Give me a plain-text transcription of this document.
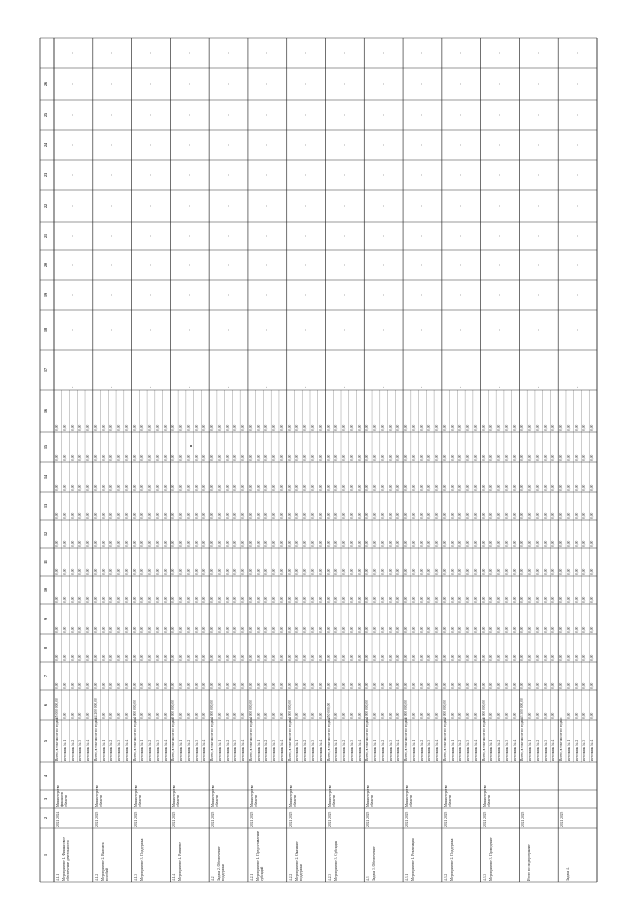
1
2
3
4
5
6
7
8
9
10
11
12
13
14
15
16
17
18
19
20
21
22
23
24
25
26
4.1.1 Мероприятие 1. Финансовое обеспечение деятельности
2021 2024
Министерство финансов области
Всего, в том числе по годам:
15 000 000,00
0,00
0,00
0,00
0,00
0,00
0,00
0,00
0,00
0,00
0,00
источник № 1
0,00
0,00
0,00
0,00
0,00
0,00
0,00
0,00
0,00
0,00
0,00
источник № 2
0,00
0,00
0,00
0,00
0,00
0,00
0,00
0,00
0,00
0,00
0,00
источник № 3
0,00
0,00
0,00
0,00
0,00
0,00
0,00
0,00
0,00
0,00
0,00
источник № 4
0,00
0,00
0,00
0,00
0,00
0,00
0,00
0,00
0,00
0,00
0,00
-
-
-
-
-
-
-
-
-
-
-
4.1.2 Мероприятие 2. Выплата пособий
2021 2025
Министерство области
Всего, в том числе по годам:
14 200 000,00
0,00
0,00
0,00
0,00
0,00
0,00
0,00
0,00
0,00
0,00
источник № 1
0,00
0,00
0,00
0,00
0,00
0,00
0,00
0,00
0,00
0,00
0,00
источник № 2
0,00
0,00
0,00
0,00
0,00
0,00
0,00
0,00
0,00
0,00
0,00
источник № 3
0,00
0,00
0,00
0,00
0,00
0,00
0,00
0,00
0,00
0,00
0,00
источник № 4
0,00
0,00
0,00
0,00
0,00
0,00
0,00
0,00
0,00
0,00
0,00
-
-
-
-
-
-
-
-
-
-
-
4.1.3 Мероприятие 3. Поддержка
2021 2025
Министерство области
Всего, в том числе по годам:
4 000 000,00
0,00
0,00
0,00
0,00
0,00
0,00
0,00
0,00
0,00
0,00
источник № 1
0,00
0,00
0,00
0,00
0,00
0,00
0,00
0,00
0,00
0,00
0,00
источник № 2
0,00
0,00
0,00
0,00
0,00
0,00
0,00
0,00
0,00
0,00
0,00
источник № 3
0,00
0,00
0,00
0,00
0,00
0,00
0,00
0,00
0,00
0,00
0,00
источник № 4
0,00
0,00
0,00
0,00
0,00
0,00
0,00
0,00
0,00
0,00
0,00
-
-
-
-
-
-
-
-
-
-
-
4.1.4 Мероприятие 4. Развитие
2021 2025
Министерство области
Всего, в том числе по годам:
8 000 000,00
0,00
0,00
0,00
0,00
0,00
0,00
0,00
0,00
0,00
0,00
источник № 1
0,00
0,00
0,00
0,00
0,00
0,00
0,00
0,00
0,00
0,00
0,00
источник № 2
0,00
0,00
0,00
0,00
0,00
0,00
0,00
0,00
0,00
0,00
0,00
источник № 3
0,00
0,00
0,00
0,00
0,00
0,00
0,00
0,00
0,00
0,00
0,00
источник № 4
0,00
0,00
0,00
0,00
0,00
0,00
0,00
0,00
0,00
0,00
0,00
-
-
-
-
-
-
-
-
-
-
-
4.2 Задача 2. Обеспечение поддержки
2021 2025
Министерство области
Всего, в том числе по годам:
4 000 000,00
0,00
0,00
0,00
0,00
0,00
0,00
0,00
0,00
0,00
0,00
источник № 1
0,00
0,00
0,00
0,00
0,00
0,00
0,00
0,00
0,00
0,00
0,00
источник № 2
0,00
0,00
0,00
0,00
0,00
0,00
0,00
0,00
0,00
0,00
0,00
источник № 3
0,00
0,00
0,00
0,00
0,00
0,00
0,00
0,00
0,00
0,00
0,00
источник № 4
0,00
0,00
0,00
0,00
0,00
0,00
0,00
0,00
0,00
0,00
0,00
-
-
-
-
-
-
-
-
-
-
-
4.2.1 Мероприятие 1. Предоставление субсидий
2021 2025
Министерство области
Всего, в том числе по годам:
4 000 000,00
0,00
0,00
0,00
0,00
0,00
0,00
0,00
0,00
0,00
0,00
источник № 1
0,00
0,00
0,00
0,00
0,00
0,00
0,00
0,00
0,00
0,00
0,00
источник № 2
0,00
0,00
0,00
0,00
0,00
0,00
0,00
0,00
0,00
0,00
0,00
источник № 3
0,00
0,00
0,00
0,00
0,00
0,00
0,00
0,00
0,00
0,00
0,00
источник № 4
0,00
0,00
0,00
0,00
0,00
0,00
0,00
0,00
0,00
0,00
0,00
-
-
-
-
-
-
-
-
-
-
-
4.2.2 Мероприятие 2. Оказание поддержки
2021 2025
Министерство области
Всего, в том числе по годам:
4 000 000,00
0,00
0,00
0,00
0,00
0,00
0,00
0,00
0,00
0,00
0,00
источник № 1
0,00
0,00
0,00
0,00
0,00
0,00
0,00
0,00
0,00
0,00
0,00
источник № 2
0,00
0,00
0,00
0,00
0,00
0,00
0,00
0,00
0,00
0,00
0,00
источник № 3
0,00
0,00
0,00
0,00
0,00
0,00
0,00
0,00
0,00
0,00
0,00
источник № 4
0,00
0,00
0,00
0,00
0,00
0,00
0,00
0,00
0,00
0,00
0,00
-
-
-
-
-
-
-
-
-
-
-
4.2.3 Мероприятие 3. Субсидия
2021 2025
Министерство области
Всего, в том числе по годам:
250 000,00
0,00
0,00
0,00
0,00
0,00
0,00
0,00
0,00
0,00
0,00
источник № 1
0,00
0,00
0,00
0,00
0,00
0,00
0,00
0,00
0,00
0,00
0,00
источник № 2
0,00
0,00
0,00
0,00
0,00
0,00
0,00
0,00
0,00
0,00
0,00
источник № 3
0,00
0,00
0,00
0,00
0,00
0,00
0,00
0,00
0,00
0,00
0,00
источник № 4
0,00
0,00
0,00
0,00
0,00
0,00
0,00
0,00
0,00
0,00
0,00
-
-
-
-
-
-
-
-
-
-
-
4.3 Задача 3. Обеспечение
2021 2025
Министерство области
Всего, в том числе по годам:
4 000 000,00
0,00
0,00
0,00
0,00
0,00
0,00
0,00
0,00
0,00
0,00
источник № 1
0,00
0,00
0,00
0,00
0,00
0,00
0,00
0,00
0,00
0,00
0,00
источник № 2
0,00
0,00
0,00
0,00
0,00
0,00
0,00
0,00
0,00
0,00
0,00
источник № 3
0,00
0,00
0,00
0,00
0,00
0,00
0,00
0,00
0,00
0,00
0,00
источник № 4
0,00
0,00
0,00
0,00
0,00
0,00
0,00
0,00
0,00
0,00
0,00
-
-
-
-
-
-
-
-
-
-
-
4.3.1 Мероприятие 1. Реализация
2021 2025
Министерство области
Всего, в том числе по годам:
1 000 000,00
0,00
0,00
0,00
0,00
0,00
0,00
0,00
0,00
0,00
0,00
источник № 1
0,00
0,00
0,00
0,00
0,00
0,00
0,00
0,00
0,00
0,00
0,00
источник № 2
0,00
0,00
0,00
0,00
0,00
0,00
0,00
0,00
0,00
0,00
0,00
источник № 3
0,00
0,00
0,00
0,00
0,00
0,00
0,00
0,00
0,00
0,00
0,00
источник № 4
0,00
0,00
0,00
0,00
0,00
0,00
0,00
0,00
0,00
0,00
0,00
-
-
-
-
-
-
-
-
-
-
-
4.3.2 Мероприятие 2. Поддержка
2021 2025
Министерство области
Всего, в том числе по годам:
2 000 000,00
0,00
0,00
0,00
0,00
0,00
0,00
0,00
0,00
0,00
0,00
источник № 1
0,00
0,00
0,00
0,00
0,00
0,00
0,00
0,00
0,00
0,00
0,00
источник № 2
0,00
0,00
0,00
0,00
0,00
0,00
0,00
0,00
0,00
0,00
0,00
источник № 3
0,00
0,00
0,00
0,00
0,00
0,00
0,00
0,00
0,00
0,00
0,00
источник № 4
0,00
0,00
0,00
0,00
0,00
0,00
0,00
0,00
0,00
0,00
0,00
-
-
-
-
-
-
-
-
-
-
-
4.3.3 Мероприятие 3. Проведение
2021 2025
Министерство области
Всего, в том числе по годам:
1 000 000,00
0,00
0,00
0,00
0,00
0,00
0,00
0,00
0,00
0,00
0,00
источник № 1
0,00
0,00
0,00
0,00
0,00
0,00
0,00
0,00
0,00
0,00
0,00
источник № 2
0,00
0,00
0,00
0,00
0,00
0,00
0,00
0,00
0,00
0,00
0,00
источник № 3
0,00
0,00
0,00
0,00
0,00
0,00
0,00
0,00
0,00
0,00
0,00
источник № 4
0,00
0,00
0,00
0,00
0,00
0,00
0,00
0,00
0,00
0,00
0,00
-
-
-
-
-
-
-
-
-
-
-
Итого по подпрограмме
2021 2025
Всего, в том числе по годам:
33 300 000,00
0,00
0,00
0,00
0,00
0,00
0,00
0,00
0,00
0,00
0,00
источник № 1
0,00
0,00
0,00
0,00
0,00
0,00
0,00
0,00
0,00
0,00
0,00
источник № 2
0,00
0,00
0,00
0,00
0,00
0,00
0,00
0,00
0,00
0,00
0,00
источник № 3
0,00
0,00
0,00
0,00
0,00
0,00
0,00
0,00
0,00
0,00
0,00
источник № 4
0,00
0,00
0,00
0,00
0,00
0,00
0,00
0,00
0,00
0,00
0,00
-
-
-
-
-
-
-
-
-
-
-
Задача 4.
2021 2025
Всего, в том числе по годам:
0,00
0,00
0,00
0,00
0,00
0,00
0,00
0,00
0,00
0,00
источник № 1
0,00
0,00
0,00
0,00
0,00
0,00
0,00
0,00
0,00
0,00
0,00
источник № 2
0,00
0,00
0,00
0,00
0,00
0,00
0,00
0,00
0,00
0,00
0,00
источник № 3
0,00
0,00
0,00
0,00
0,00
0,00
0,00
0,00
0,00
0,00
0,00
источник № 4
0,00
0,00
0,00
0,00
0,00
0,00
0,00
0,00
0,00
0,00
0,00
-
-
-
-
-
-
-
-
-
-
-
